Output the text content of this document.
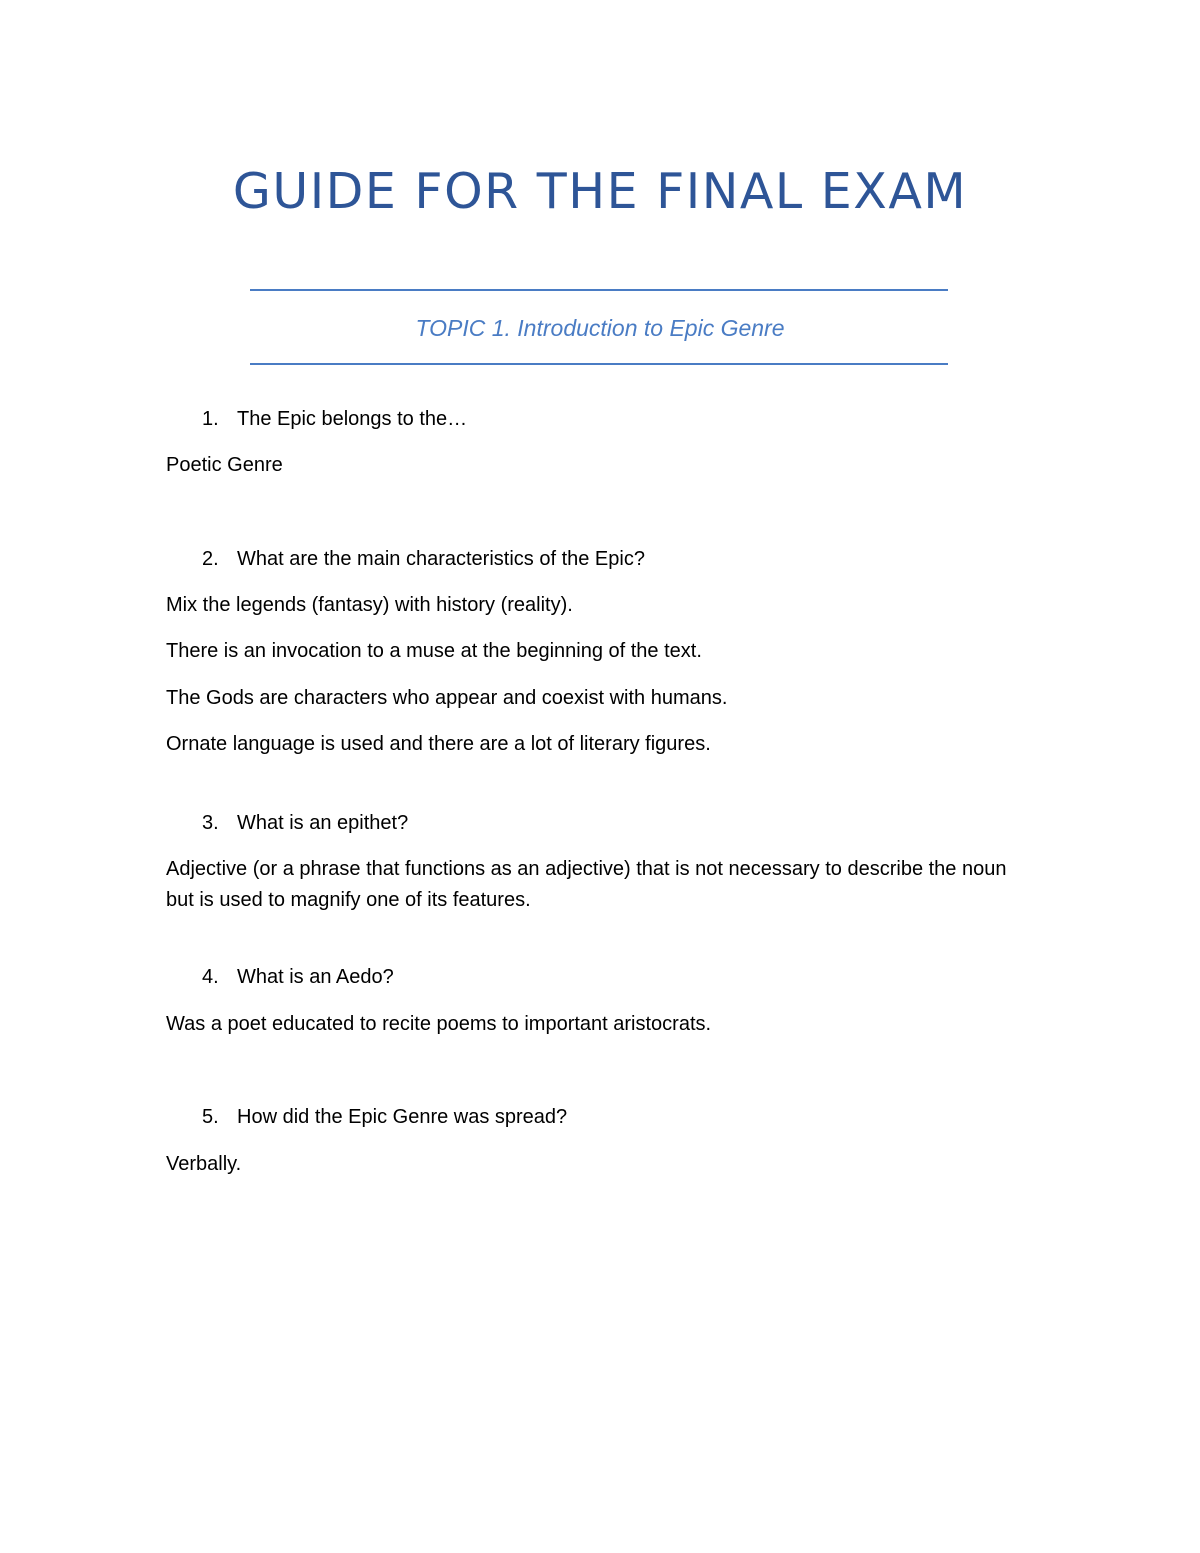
GUIDE FOR THE FINAL EXAM
TOPIC 1. Introduction to Epic Genre
1. The Epic belongs to the…
Poetic Genre
2. What are the main characteristics of the Epic?
Mix the legends (fantasy) with history (reality).
There is an invocation to a muse at the beginning of the text.
The Gods are characters who appear and coexist with humans.
Ornate language is used and there are a lot of literary figures.
3. What is an epithet?
Adjective (or a phrase that functions as an adjective) that is not necessary to describe the noun but is used to magnify one of its features.
4. What is an Aedo?
Was a poet educated to recite poems to important aristocrats.
5. How did the Epic Genre was spread?
Verbally.
